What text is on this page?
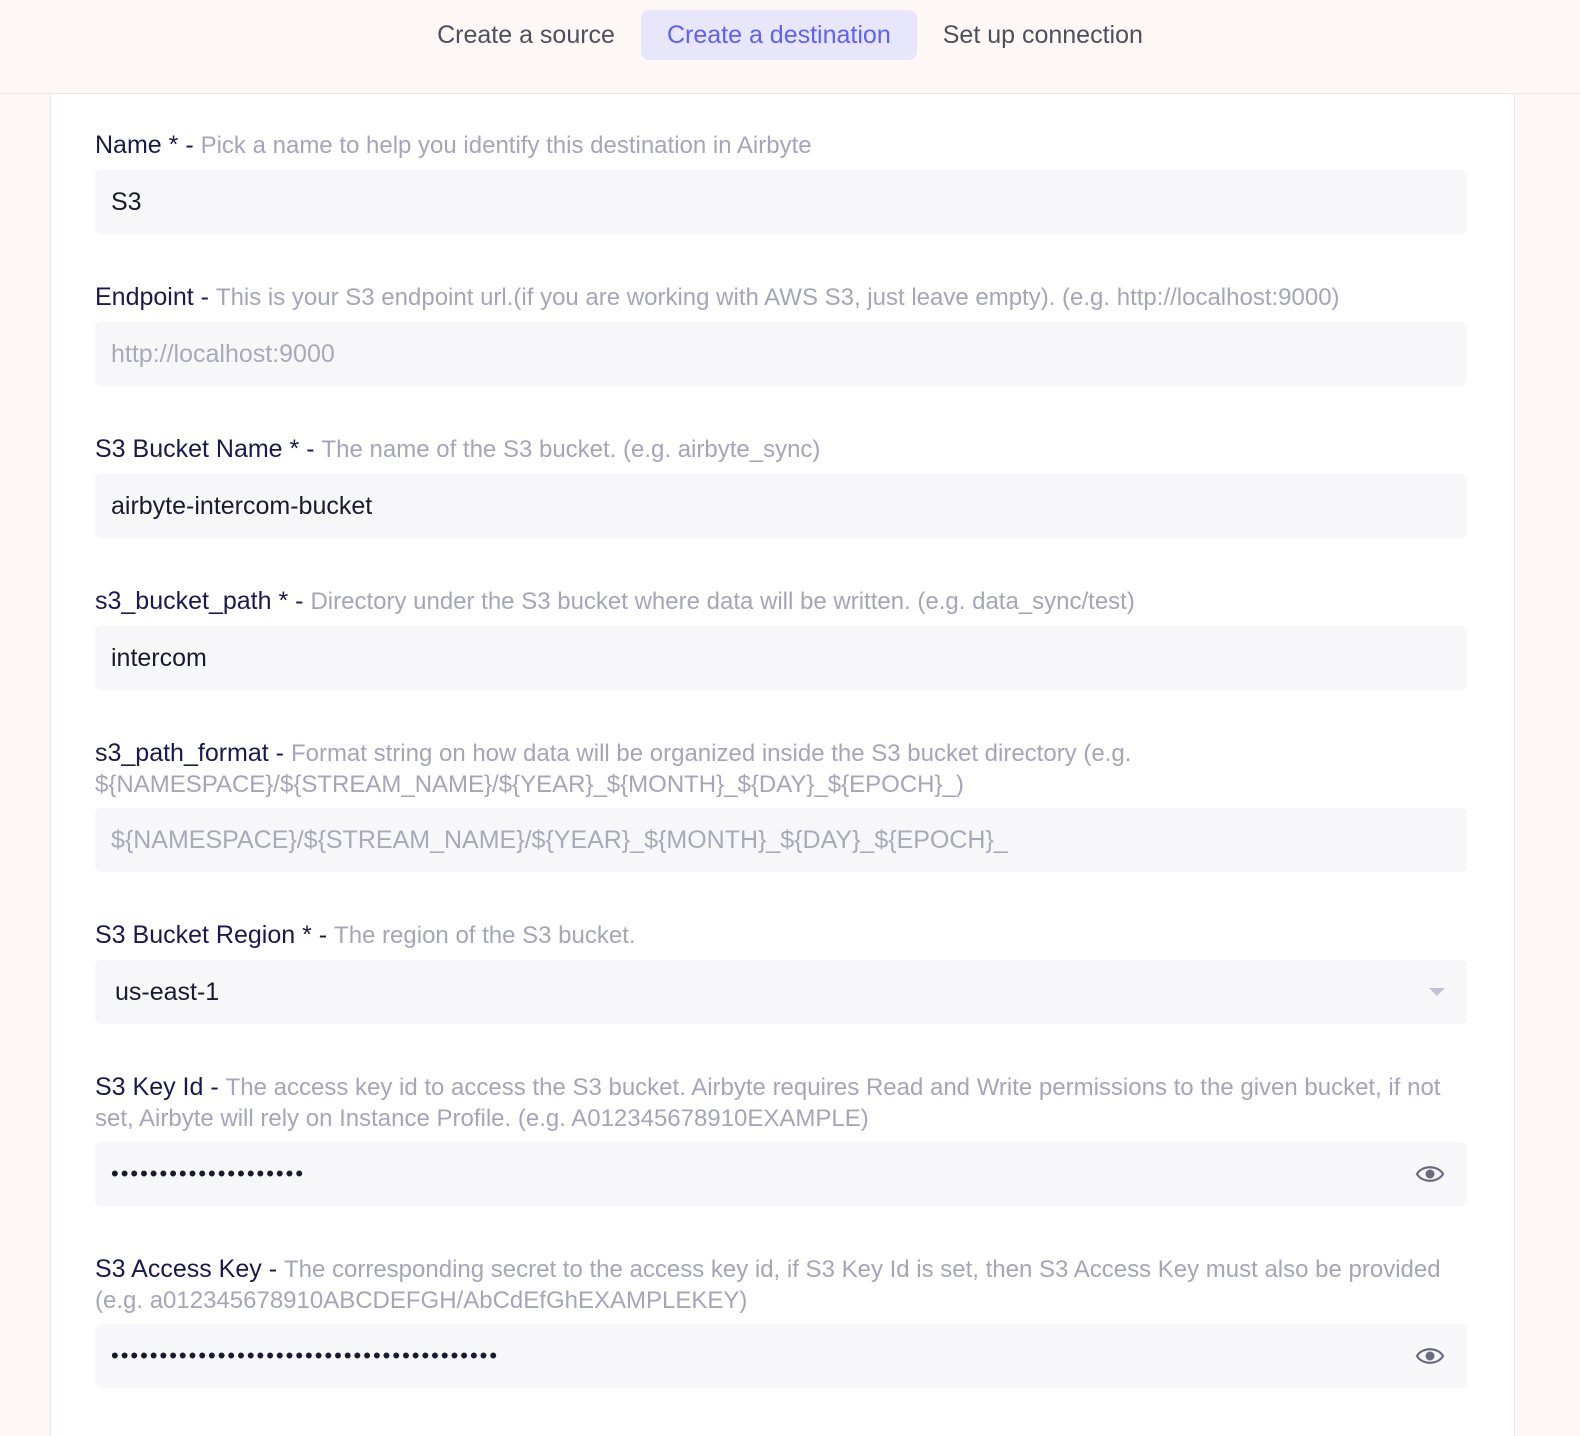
Create a source	Create a destination	Set up connection
Name * - Pick a name to help you identify this destination in Airbyte
S3
Endpoint - This is your S3 endpoint url.(if you are working with AWS S3, just leave empty). (e.g. http://localhost:9000)
http://localhost:9000
S3 Bucket Name * - The name of the S3 bucket. (e.g. airbyte_sync)
airbyte-intercom-bucket
s3_bucket_path * - Directory under the S3 bucket where data will be written. (e.g. data_sync/test)
intercom
s3_path_format - Format string on how data will be organized inside the S3 bucket directory (e.g. ${NAMESPACE}/${STREAM_NAME}/${YEAR}_${MONTH}_${DAY}_${EPOCH}_)
${NAMESPACE}/${STREAM_NAME}/${YEAR}_${MONTH}_${DAY}_${EPOCH}_
S3 Bucket Region * - The region of the S3 bucket.
us-east-1
S3 Key Id - The access key id to access the S3 bucket. Airbyte requires Read and Write permissions to the given bucket, if not set, Airbyte will rely on Instance Profile. (e.g. A012345678910EXAMPLE)
••••••••••••••••••••
S3 Access Key - The corresponding secret to the access key id, if S3 Key Id is set, then S3 Access Key must also be provided (e.g. a012345678910ABCDEFGH/AbCdEfGhEXAMPLEKEY)
••••••••••••••••••••••••••••••••••••••••
